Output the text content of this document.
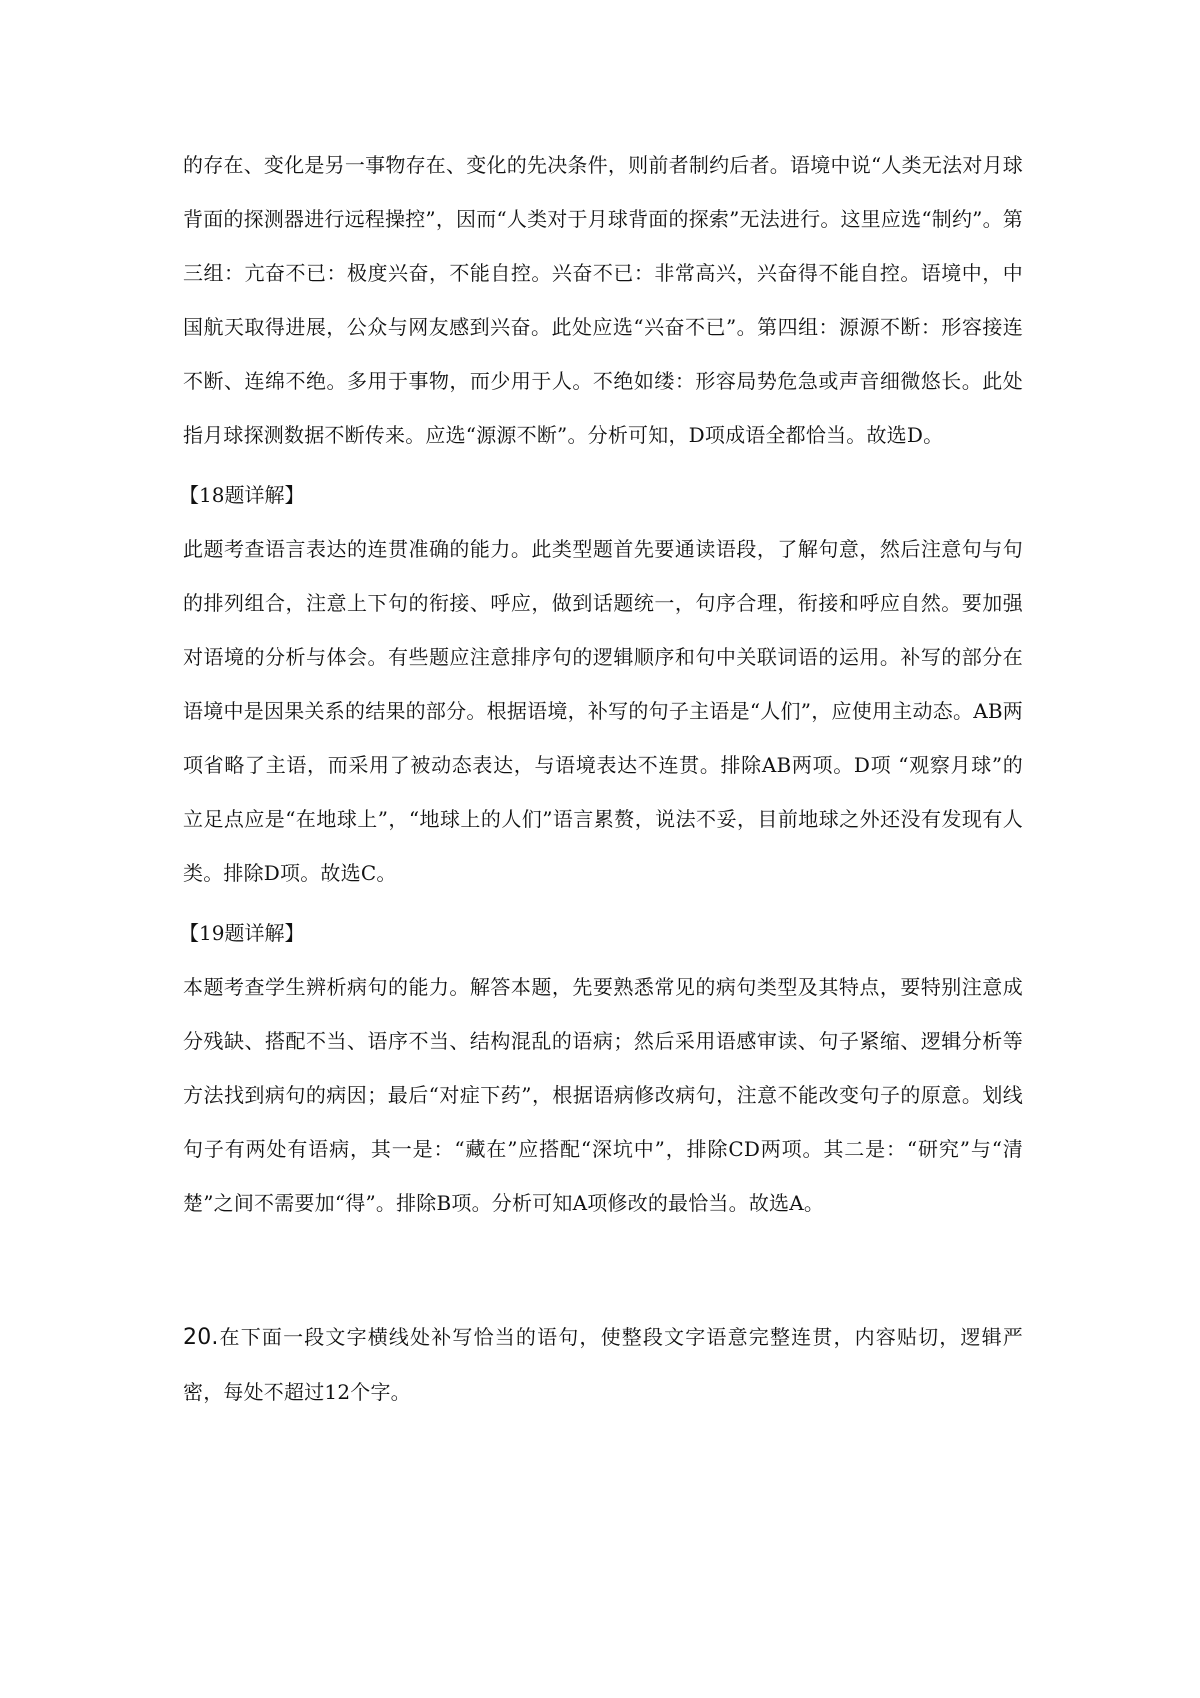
的存在、变化是另一事物存在、变化的先决条件，则前者制约后者。语境中说“人类无法对月球背面的探测器进行远程操控”，因而“人类对于月球背面的探索”无法进行。这里应选“制约”。第三组：亢奋不已：极度兴奋，不能自控。兴奋不已：非常高兴，兴奋得不能自控。语境中，中国航天取得进展，公众与网友感到兴奋。此处应选“兴奋不已”。第四组：源源不断：形容接连不断、连绵不绝。多用于事物，而少用于人。不绝如缕：形容局势危急或声音细微悠长。此处指月球探测数据不断传来。应选“源源不断”。分析可知，D项成语全都恰当。故选D。

【18题详解】

此题考查语言表达的连贯准确的能力。此类型题首先要通读语段，了解句意，然后注意句与句的排列组合，注意上下句的衔接、呼应，做到话题统一，句序合理，衔接和呼应自然。要加强对语境的分析与体会。有些题应注意排序句的逻辑顺序和句中关联词语的运用。补写的部分在语境中是因果关系的结果的部分。根据语境，补写的句子主语是“人们”，应使用主动态。AB两项省略了主语，而采用了被动态表达，与语境表达不连贯。排除AB两项。D项 “观察月球”的立足点应是“在地球上”，“地球上的人们”语言累赘，说法不妥，目前地球之外还没有发现有人类。排除D项。故选C。

【19题详解】

本题考查学生辨析病句的能力。解答本题，先要熟悉常见的病句类型及其特点，要特别注意成分残缺、搭配不当、语序不当、结构混乱的语病；然后采用语感审读、句子紧缩、逻辑分析等方法找到病句的病因；最后“对症下药”，根据语病修改病句，注意不能改变句子的原意。划线句子有两处有语病，其一是：“藏在”应搭配“深坑中”，排除CD两项。其二是：“研究”与“清楚”之间不需要加“得”。排除B项。分析可知A项修改的最恰当。故选A。

20.在下面一段文字横线处补写恰当的语句，使整段文字语意完整连贯，内容贴切，逻辑严密，每处不超过12个字。
